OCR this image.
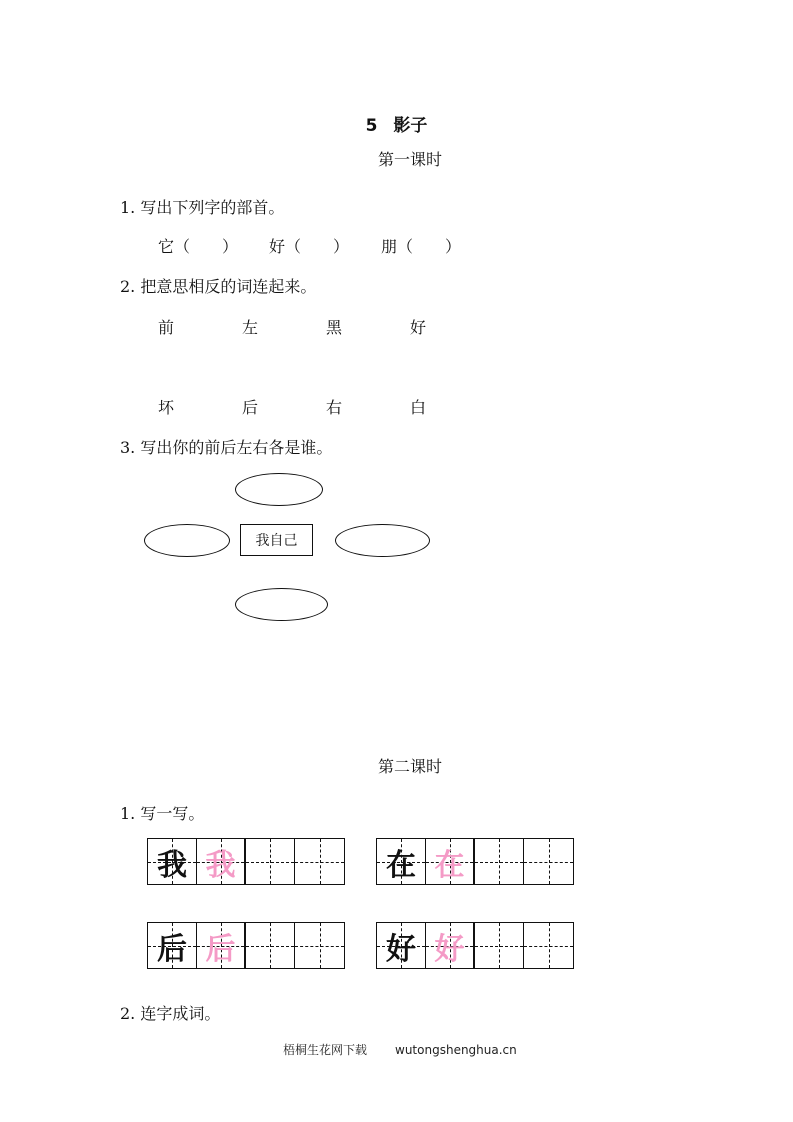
5 影子
第一课时
1. 写出下列字的部首。
它（　　） 好（　　） 朋（　　）
2. 把意思相反的词连起来。
前	左	黑	好
坏	后	右	白
3. 写出你的前后左右各是谁。
我自己
第二课时
1. 写一写。
我 我	在 在
后 后	好 好
2. 连字成词。
梧桐生花网下载 wutongshenghua.cn
